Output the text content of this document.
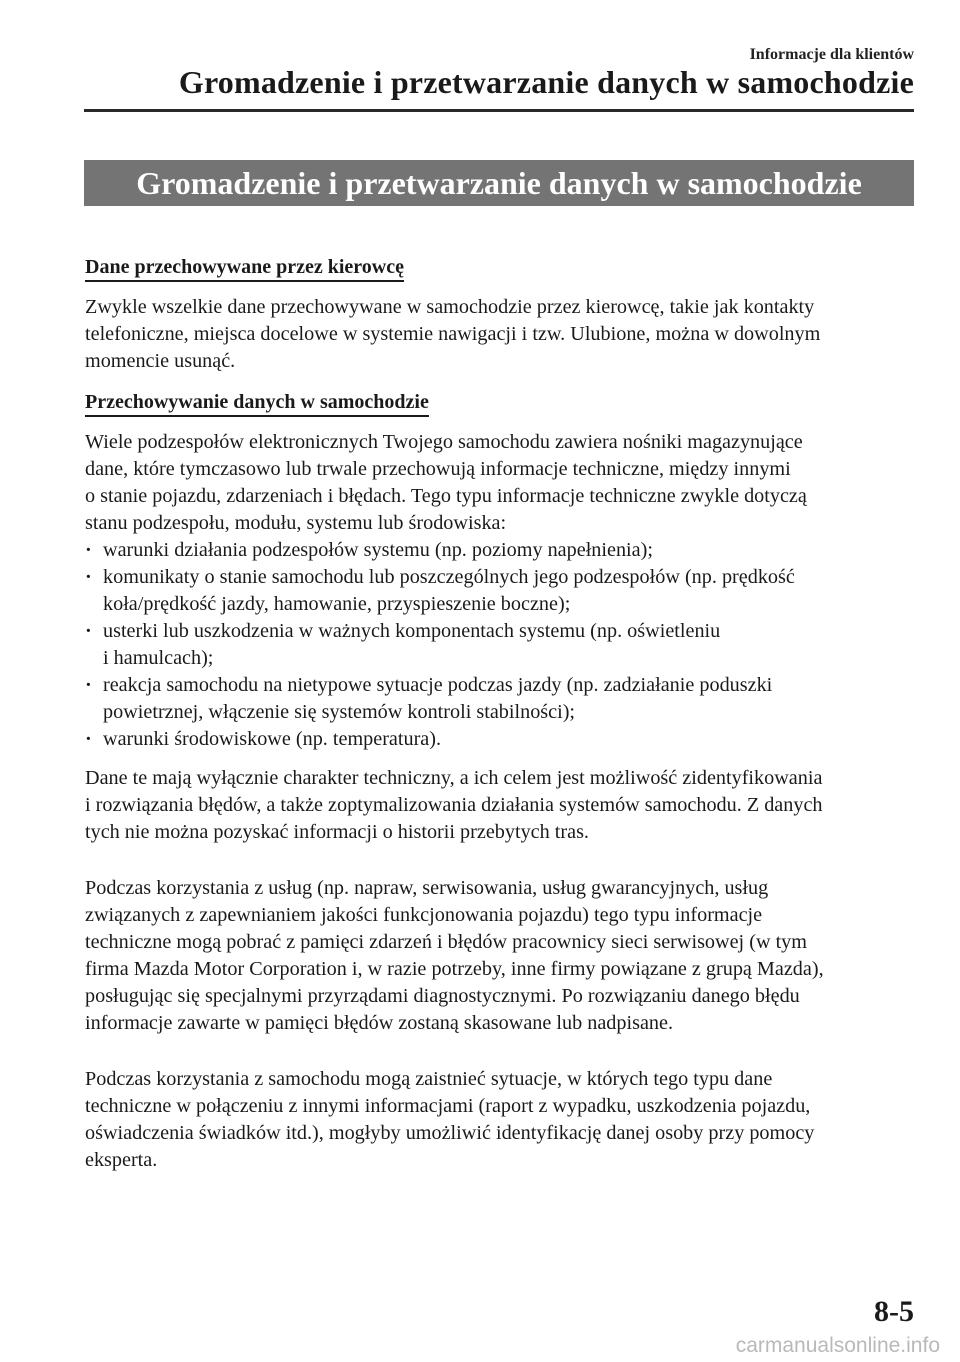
Informacje dla klientów
Gromadzenie i przetwarzanie danych w samochodzie
Gromadzenie i przetwarzanie danych w samochodzie
Dane przechowywane przez kierowcę

Zwykle wszelkie dane przechowywane w samochodzie przez kierowcę, takie jak kontakty
telefoniczne, miejsca docelowe w systemie nawigacji i tzw. Ulubione, można w dowolnym
momencie usunąć.

Przechowywanie danych w samochodzie

Wiele podzespołów elektronicznych Twojego samochodu zawiera nośniki magazynujące
dane, które tymczasowo lub trwale przechowują informacje techniczne, między innymi
o stanie pojazdu, zdarzeniach i błędach. Tego typu informacje techniczne zwykle dotyczą
stanu podzespołu, modułu, systemu lub środowiska:

· warunki działania podzespołów systemu (np. poziomy napełnienia);
· komunikaty o stanie samochodu lub poszczególnych jego podzespołów (np. prędkość
koła/prędkość jazdy, hamowanie, przyspieszenie boczne);
· usterki lub uszkodzenia w ważnych komponentach systemu (np. oświetleniu
i hamulcach);
· reakcja samochodu na nietypowe sytuacje podczas jazdy (np. zadziałanie poduszki
powietrznej, włączenie się systemów kontroli stabilności);
· warunki środowiskowe (np. temperatura).

Dane te mają wyłącznie charakter techniczny, a ich celem jest możliwość zidentyfikowania
i rozwiązania błędów, a także zoptymalizowania działania systemów samochodu. Z danych
tych nie można pozyskać informacji o historii przebytych tras.

Podczas korzystania z usług (np. napraw, serwisowania, usług gwarancyjnych, usług
związanych z zapewnianiem jakości funkcjonowania pojazdu) tego typu informacje
techniczne mogą pobrać z pamięci zdarzeń i błędów pracownicy sieci serwisowej (w tym
firma Mazda Motor Corporation i, w razie potrzeby, inne firmy powiązane z grupą Mazda),
posługując się specjalnymi przyrządami diagnostycznymi. Po rozwiązaniu danego błędu
informacje zawarte w pamięci błędów zostaną skasowane lub nadpisane.

Podczas korzystania z samochodu mogą zaistnieć sytuacje, w których tego typu dane
techniczne w połączeniu z innymi informacjami (raport z wypadku, uszkodzenia pojazdu,
oświadczenia świadków itd.), mogłyby umożliwić identyfikację danej osoby przy pomocy
eksperta.

8-5
carmanualsonline.info
